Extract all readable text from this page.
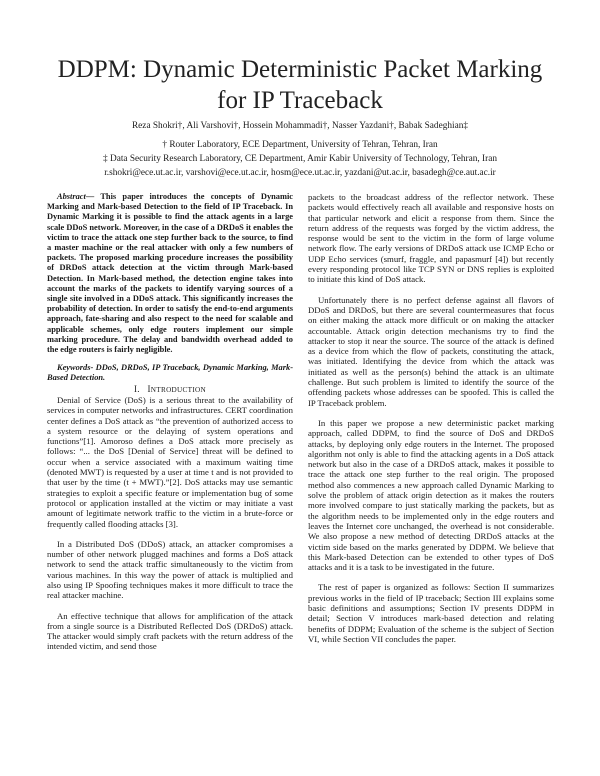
DDPM: Dynamic Deterministic Packet Marking for IP Traceback
Reza Shokri†, Ali Varshovi†, Hossein Mohammadi†, Nasser Yazdani†, Babak Sadeghian‡
† Router Laboratory, ECE Department, University of Tehran, Tehran, Iran
‡ Data Security Research Laboratory, CE Department, Amir Kabir University of Technology, Tehran, Iran
r.shokri@ece.ut.ac.ir, varshovi@ece.ut.ac.ir, hosm@ece.ut.ac.ir, yazdani@ut.ac.ir, basadegh@ce.aut.ac.ir

Abstract— This paper introduces the concepts of Dynamic Marking and Mark-based Detection to the field of IP Traceback. In Dynamic Marking it is possible to find the attack agents in a large scale DDoS network. Moreover, in the case of a DRDoS it enables the victim to trace the attack one step further back to the source, to find a master machine or the real attacker with only a few numbers of packets. The proposed marking procedure increases the possibility of DRDoS attack detection at the victim through Mark-based Detection. In Mark-based method, the detection engine takes into account the marks of the packets to identify varying sources of a single site involved in a DDoS attack. This significantly increases the probability of detection. In order to satisfy the end-to-end arguments approach, fate-sharing and also respect to the need for scalable and applicable schemes, only edge routers implement our simple marking procedure. The delay and bandwidth overhead added to the edge routers is fairly negligible.

Keywords- DDoS, DRDoS, IP Traceback, Dynamic Marking, Mark-Based Detection.

I. INTRODUCTION

Denial of Service (DoS) is a serious threat to the availability of services in computer networks and infrastructures. CERT coordination center defines a DoS attack as “the prevention of authorized access to a system resource or the delaying of system operations and functions”[1]. Amoroso defines a DoS attack more precisely as follows: “... the DoS [Denial of Service] threat will be defined to occur when a service associated with a maximum waiting time (denoted MWT) is requested by a user at time t and is not provided to that user by the time (t + MWT).”[2]. DoS attacks may use semantic strategies to exploit a specific feature or implementation bug of some protocol or application installed at the victim or may initiate a vast amount of legitimate network traffic to the victim in a brute-force or frequently called flooding attacks [3].

In a Distributed DoS (DDoS) attack, an attacker compromises a number of other network plugged machines and forms a DoS attack network to send the attack traffic simultaneously to the victim from various machines. In this way the power of attack is multiplied and also using IP Spoofing techniques makes it more difficult to trace the real attacker machine.

An effective technique that allows for amplification of the attack from a single source is a Distributed Reflected DoS (DRDoS) attack. The attacker would simply craft packets with the return address of the intended victim, and send those

packets to the broadcast address of the reflector network. These packets would effectively reach all available and responsive hosts on that particular network and elicit a response from them. Since the return address of the requests was forged by the victim address, the response would be sent to the victim in the form of large volume network flow. The early versions of DRDoS attack use ICMP Echo or UDP Echo services (smurf, fraggle, and papasmurf [4]) but recently every responding protocol like TCP SYN or DNS replies is exploited to initiate this kind of DoS attack.

Unfortunately there is no perfect defense against all flavors of DDoS and DRDoS, but there are several countermeasures that focus on either making the attack more difficult or on making the attacker accountable. Attack origin detection mechanisms try to find the attacker to stop it near the source. The source of the attack is defined as a device from which the flow of packets, constituting the attack, was initiated. Identifying the device from which the attack was initiated as well as the person(s) behind the attack is an ultimate challenge. But such problem is limited to identify the source of the offending packets whose addresses can be spoofed. This is called the IP Traceback problem.

In this paper we propose a new deterministic packet marking approach, called DDPM, to find the source of DoS and DRDoS attacks, by deploying only edge routers in the Internet. The proposed algorithm not only is able to find the attacking agents in a DoS attack network but also in the case of a DRDoS attack, makes it possible to trace the attack one step further to the real origin. The proposed method also commences a new approach called Dynamic Marking to solve the problem of attack origin detection as it makes the routers more involved compare to just statically marking the packets, but as the algorithm needs to be implemented only in the edge routers and leaves the Internet core unchanged, the overhead is not considerable. We also propose a new method of detecting DRDoS attacks at the victim side based on the marks generated by DDPM. We believe that this Mark-based Detection can be extended to other types of DoS attacks and it is a task to be investigated in the future.

The rest of paper is organized as follows: Section II summarizes previous works in the field of IP traceback; Section III explains some basic definitions and assumptions; Section IV presents DDPM in detail; Section V introduces mark-based detection and relating benefits of DDPM; Evaluation of the scheme is the subject of Section VI, while Section VII concludes the paper.
